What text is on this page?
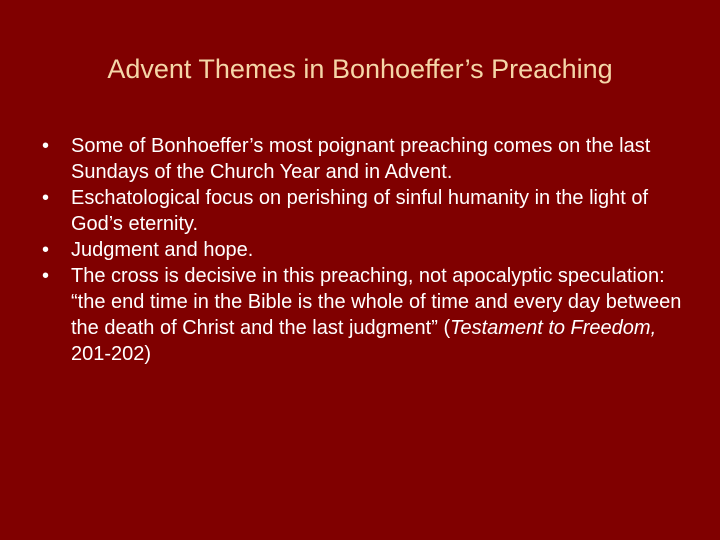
Advent Themes in Bonhoeffer’s Preaching
•	Some of Bonhoeffer’s most poignant preaching comes on the last Sundays of the Church Year and in Advent.
•	Eschatological focus on perishing of sinful humanity in the light of God’s eternity.
•	Judgment and hope.
•	The cross is decisive in this preaching, not apocalyptic speculation: “the end time in the Bible is the whole of time and every day between the death of Christ and the last judgment” (Testament to Freedom, 201-202)
